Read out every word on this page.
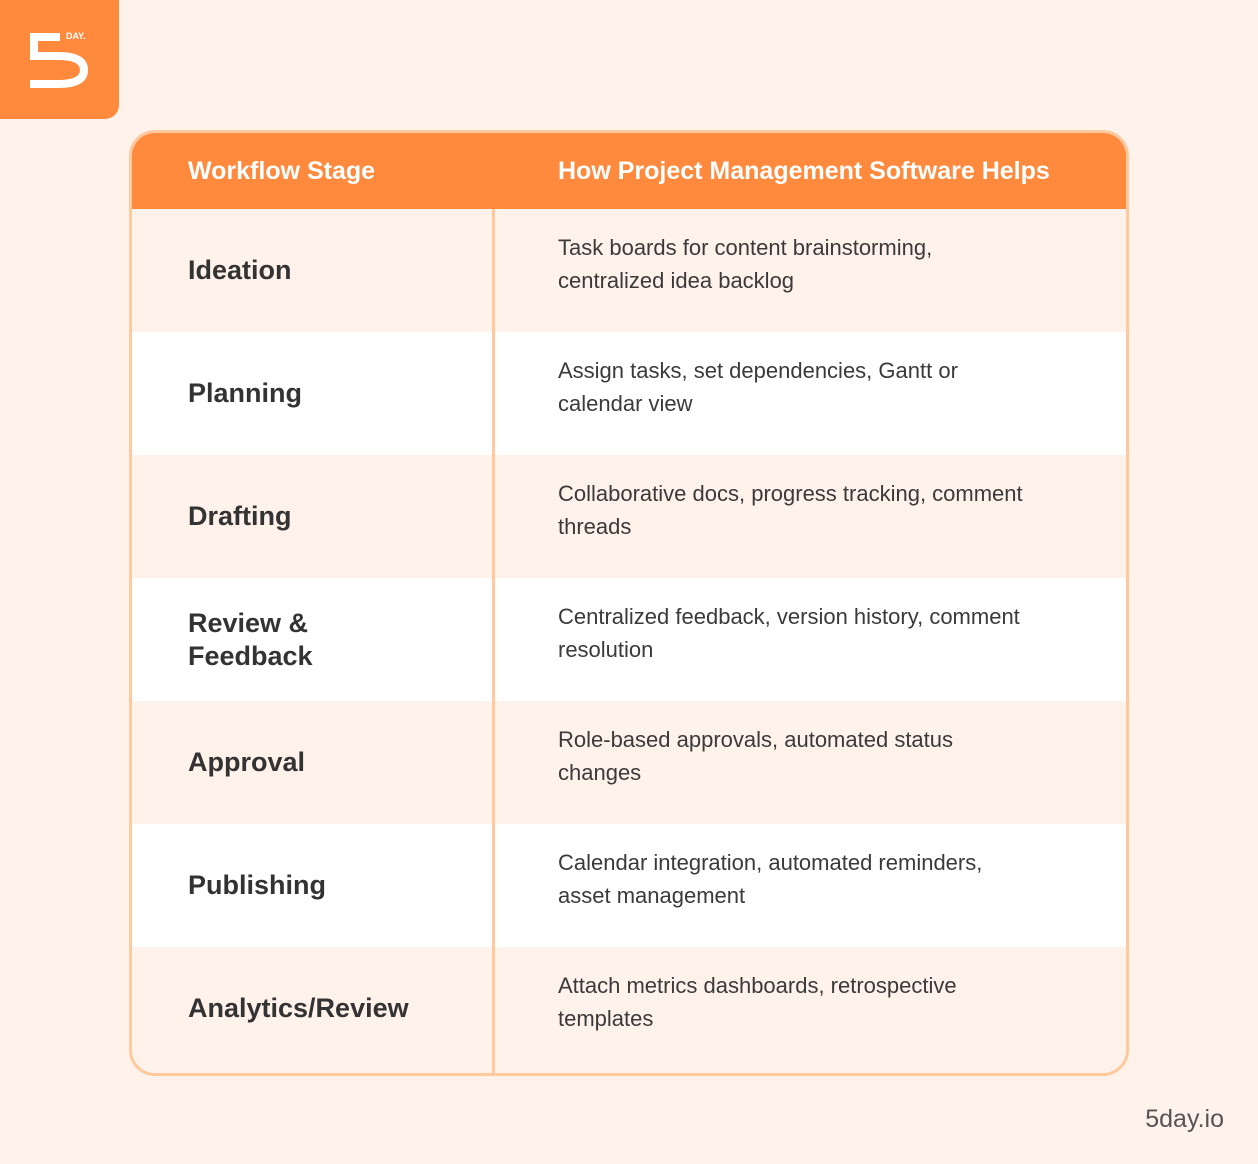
DAY.
Workflow Stage	How Project Management Software Helps
Ideation
Task boards for content brainstorming, centralized idea backlog
Planning
Assign tasks, set dependencies, Gantt or calendar view
Drafting
Collaborative docs, progress tracking, comment threads
Review & Feedback
Centralized feedback, version history, comment resolution
Approval
Role-based approvals, automated status changes
Publishing
Calendar integration, automated reminders, asset management
Analytics/Review
Attach metrics dashboards, retrospective templates
5day.io
